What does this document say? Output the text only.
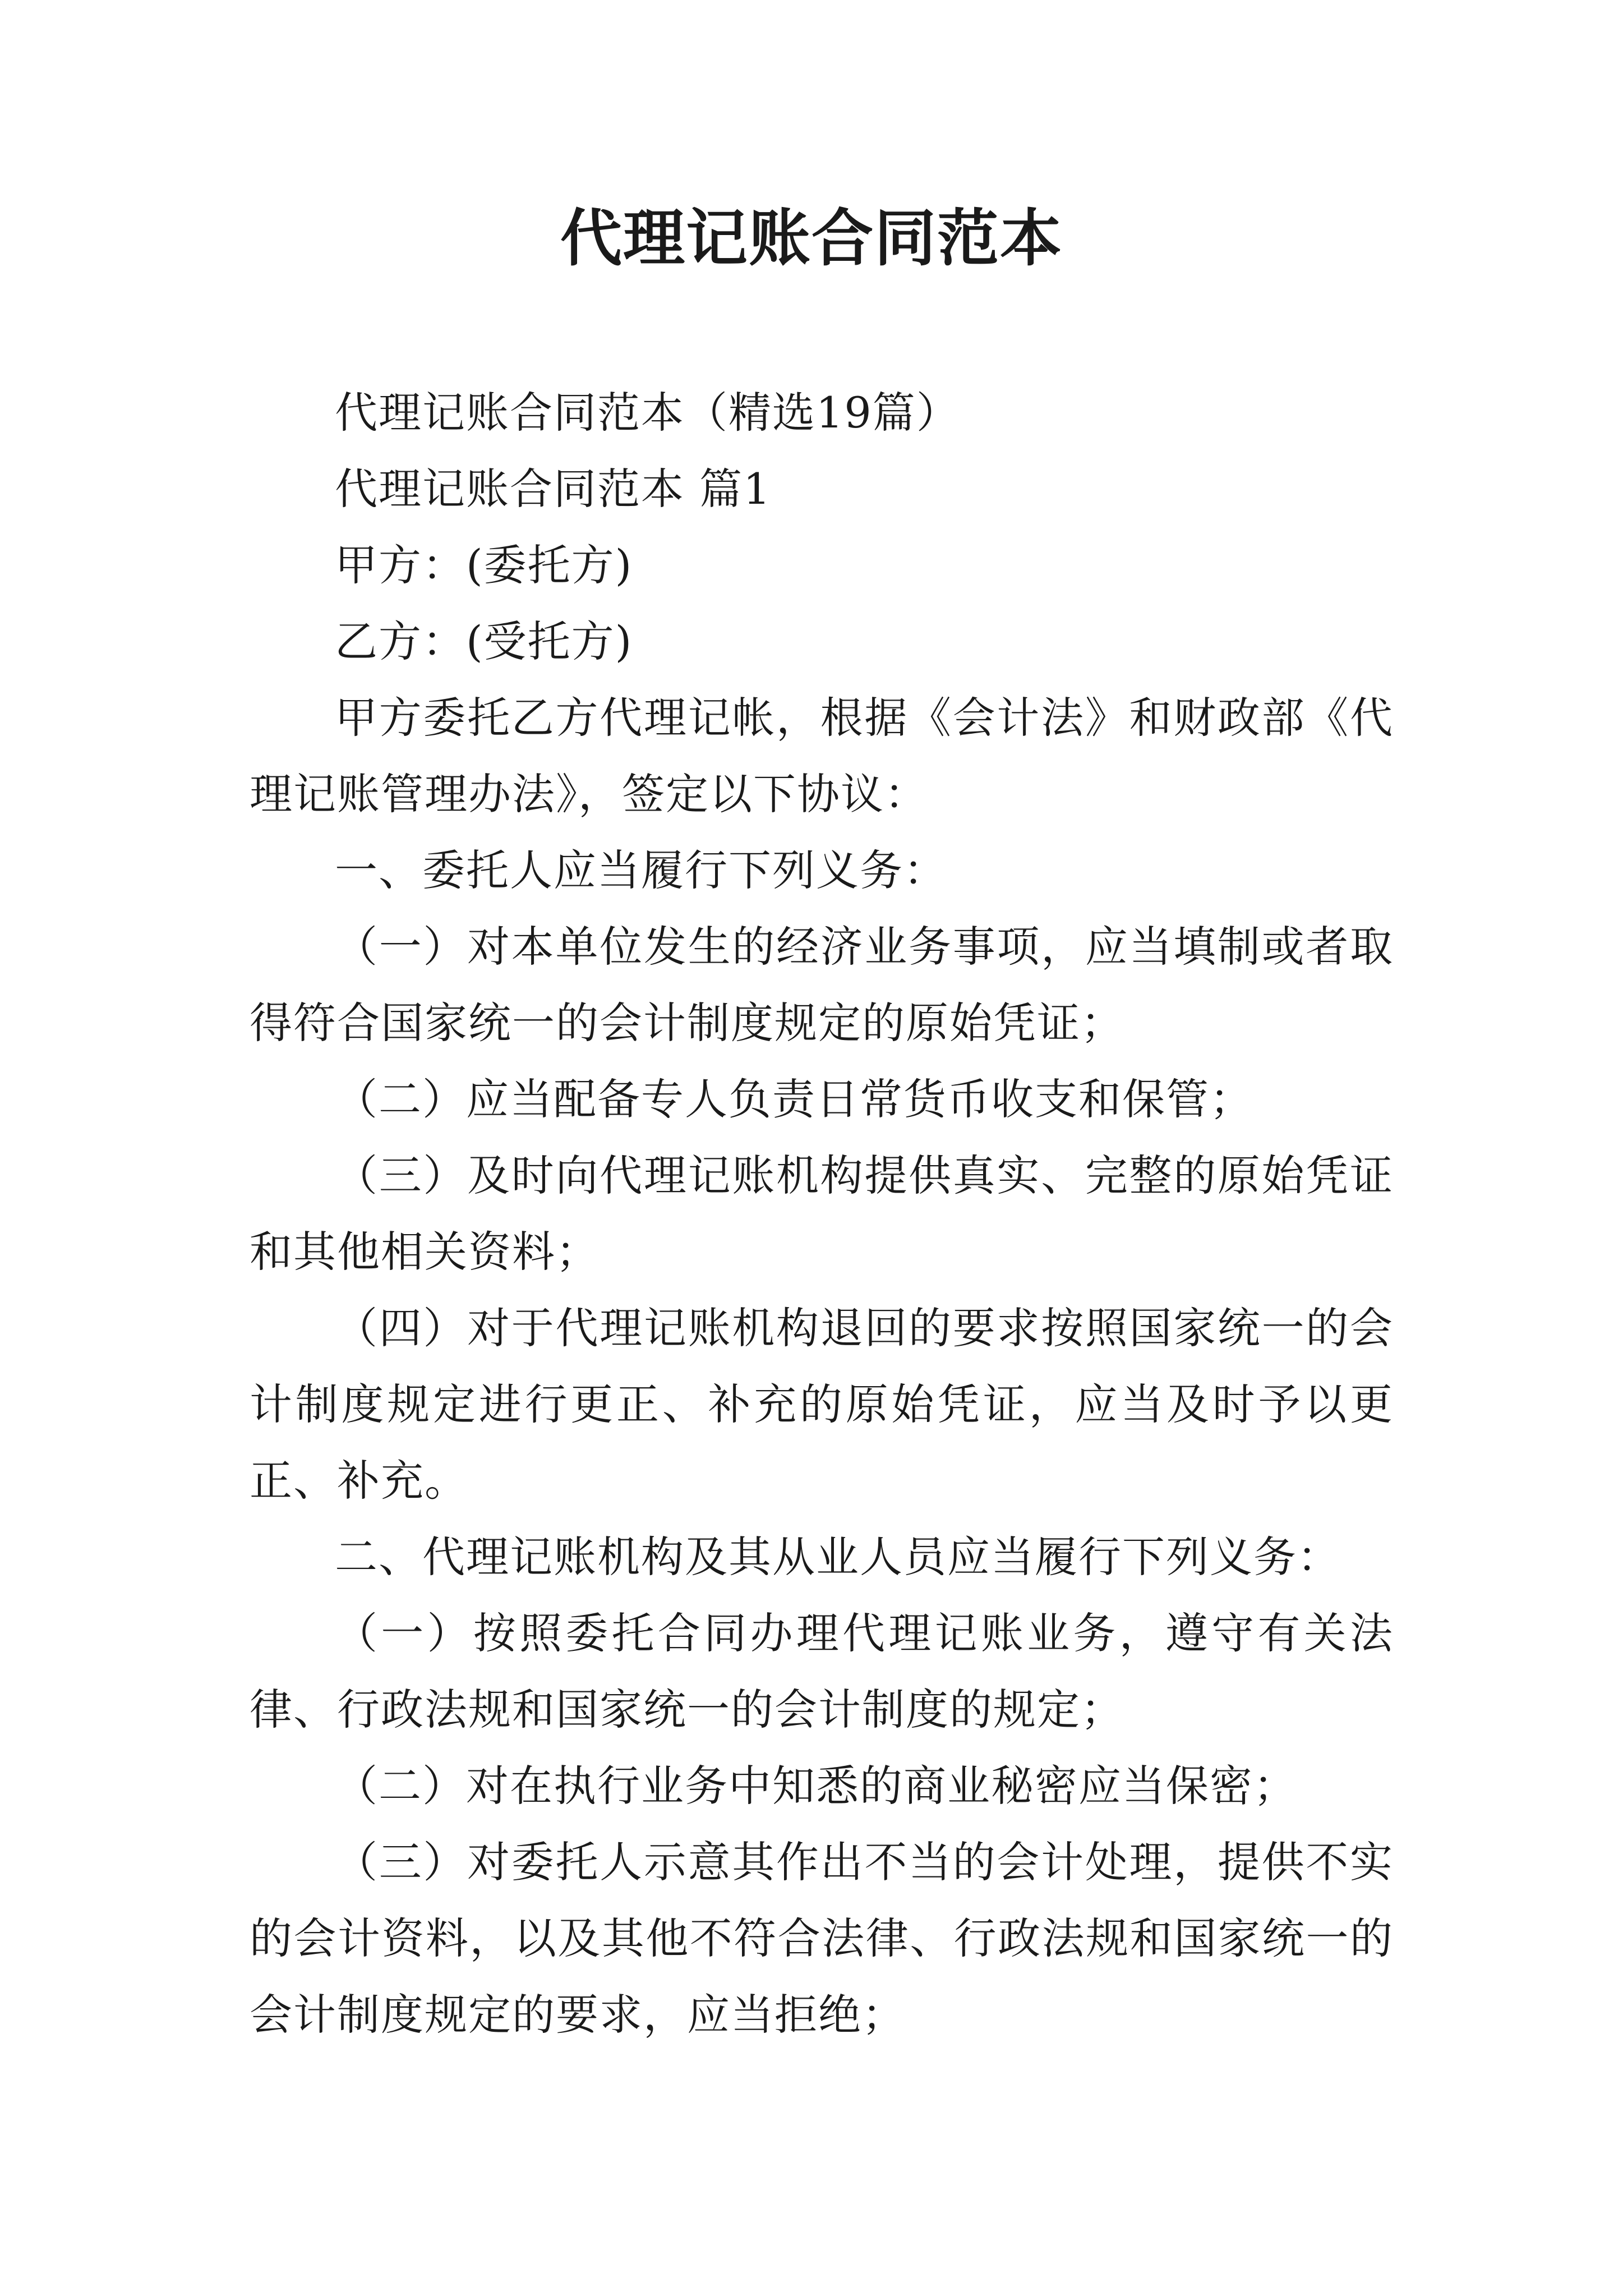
代理记账合同范本

代理记账合同范本（精选19篇）

代理记账合同范本 篇1

甲方：(委托方)

乙方：(受托方)

甲方委托乙方代理记帐，根据《会计法》和财政部《代理记账管理办法》，签定以下协议：

一、委托人应当履行下列义务：

（一）对本单位发生的经济业务事项，应当填制或者取得符合国家统一的会计制度规定的原始凭证；

（二）应当配备专人负责日常货币收支和保管；

（三）及时向代理记账机构提供真实、完整的原始凭证和其他相关资料；

（四）对于代理记账机构退回的要求按照国家统一的会计制度规定进行更正、补充的原始凭证，应当及时予以更正、补充。

二、代理记账机构及其从业人员应当履行下列义务：

（一）按照委托合同办理代理记账业务，遵守有关法律、行政法规和国家统一的会计制度的规定；

（二）对在执行业务中知悉的商业秘密应当保密；

（三）对委托人示意其作出不当的会计处理，提供不实的会计资料，以及其他不符合法律、行政法规和国家统一的会计制度规定的要求，应当拒绝；
